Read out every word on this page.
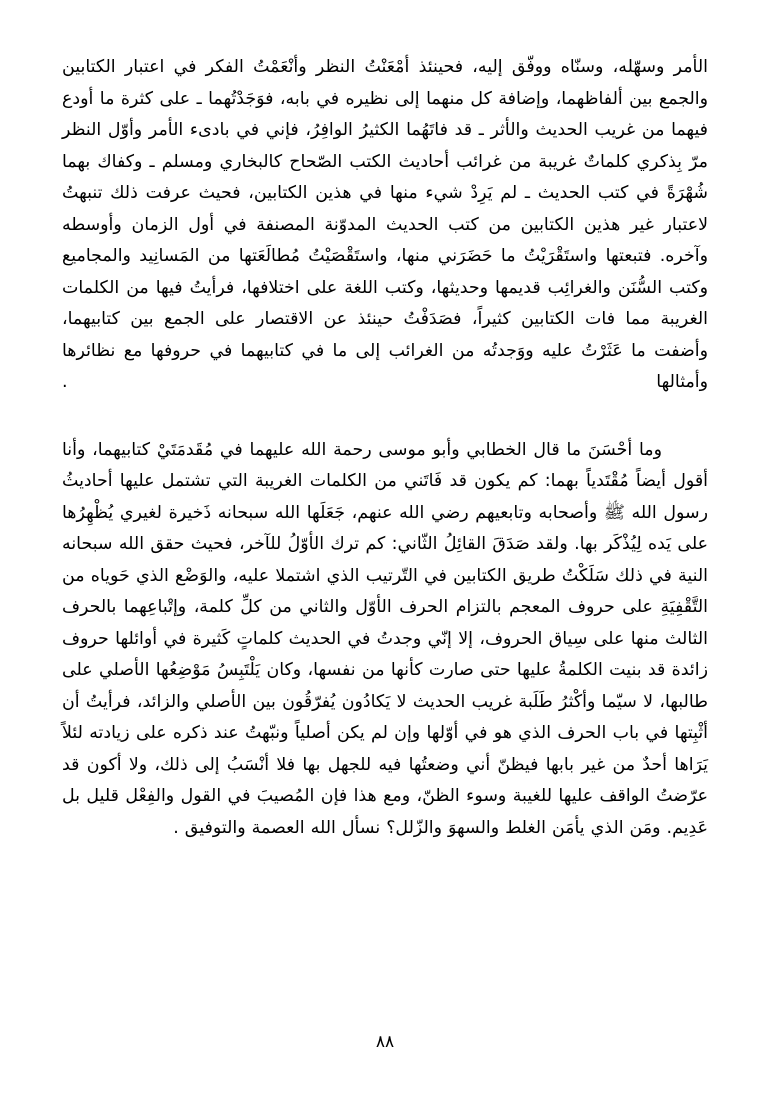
الأمر وسهّله، وسنّاه ووفّق إليه، فحينئذ أمْعَنْتُ النظر وأنْعَمْتُ الفكر في اعتبار الكتابين والجمع بين ألفاظهما، وإضافة كل منهما إلى نظيره في بابه، فوَجَدْتُهما ـ على كثرة ما أودع فيهما من غريب الحديث والأثر ـ قد فاتَهُما الكثيرُ الوافِرُ، فإني في بادىء الأمر وأوّل النظر مرّ بِذكري كلماتٌ غريبة من غرائب أحاديث الكتب الصّحاح كالبخاري ومسلم ـ وكفاك بهما شُهْرَةً في كتب الحديث ـ لم يَرِدْ شيء منها في هذين الكتابين، فحيث عرفت ذلك تنبهتُ لاعتبار غير هذين الكتابين من كتب الحديث المدوّنة المصنفة في أول الزمان وأوسطه وآخره. فتبعتها واستَقْرَيْتُ ما حَضَرَني منها، واستَقْصَيْتُ مُطالَعَتها من المَسانِيد والمجاميع وكتب السُّنَن والغرائِب قديمها وحديثها، وكتب اللغة على اختلافها، فرأيتُ فيها من الكلمات الغريبة مما فات الكتابين كثيراً، فصَدَفْتُ حينئذ عن الاقتصار على الجمع بين كتابيهما، وأضفت ما عَثَرْتُ عليه ووَجدتُه من الغرائب إلى ما في كتابيهما في حروفها مع نظائرها وأمثالها .

وما أحْسَنَ ما قال الخطابي وأبو موسى رحمة الله عليهما في مُقَدمَتَيْ كتابيهما، وأنا أقول أيضاً مُقْتَدياً بهما: كم يكون قد فَاتَني من الكلمات الغريبة التي تشتمل عليها أحاديثُ رسول الله ﷺ وأصحابه وتابعيهم رضي الله عنهم، جَعَلَها الله سبحانه ذَخيرة لغيري يُظْهِرُها على يَده لِيُذْكَر بها. ولقد صَدَقَ القائِلُ الثّاني: كم ترك الأوّلُ للآخر، فحيث حقق الله سبحانه النية في ذلك سَلَكْتُ طريق الكتابين في التّرتيب الذي اشتملا عليه، والوَضْع الذي حَوياه من التَّقْفِيَةِ على حروف المعجم بالتزام الحرف الأوّل والثاني من كلِّ كلمة، وإتْباعِهما بالحرف الثالث منها على سِياق الحروف، إلا إنّي وجدتُ في الحديث كلماتٍ كَثيرة في أوائلها حروف زائدة قد بنيت الكلمةُ عليها حتى صارت كأنها من نفسها، وكان يَلْتَبِسُ مَوْضِعُها الأصلي على طالبها، لا سيّما وأكْثرُ طَلَبة غريب الحديث لا يَكادُون يُفرّقُون بين الأصلي والزائد، فرأيتُ أن أثْبِتها في باب الحرف الذي هو في أوّلها وإن لم يكن أصلياً ونبّهتُ عند ذكره على زيادته لئلاً يَرَاها أحدٌ من غير بابها فيظنّ أني وضعتُها فيه للجهل بها فلا أنْسَبُ إلى ذلك، ولا أكون قد عرّضتُ الواقف عليها للغيبة وسوء الظنّ، ومع هذا فإن المُصيبَ في القول والفِعْل قليل بل عَدِيم. ومَن الذي يأمَن الغلط والسهوَ والزّلل؟ نسأل الله العصمة والتوفيق .

٨٨
